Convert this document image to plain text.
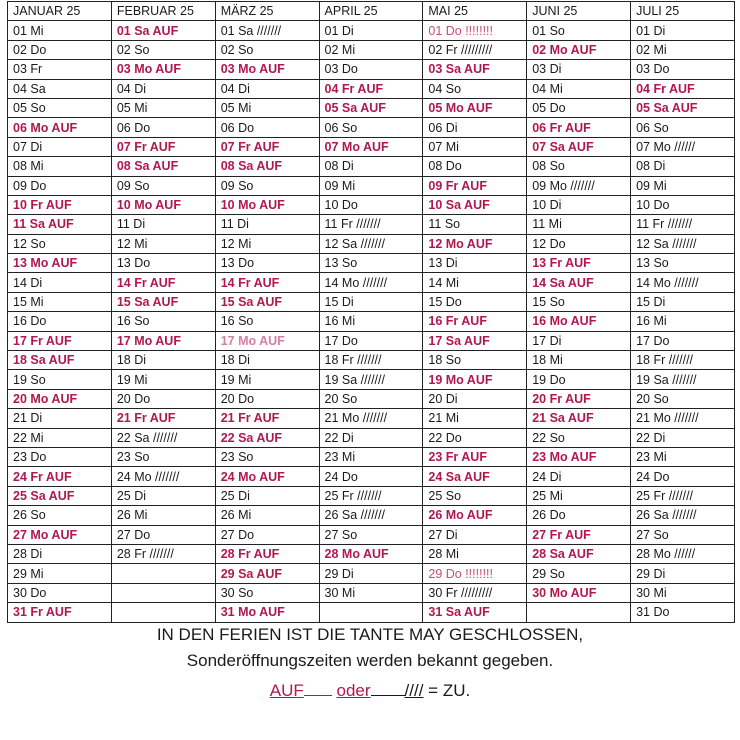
JANUAR 25	FEBRUAR 25	MÄRZ 25	APRIL 25	MAI 25	JUNI 25	JULI 25
01 Mi	01 Sa AUF	01 Sa ///////	01 Di	01 Do !!!!!!!!	01 So	01 Di
02 Do	02 So	02 So	02 Mi	02 Fr /////////	02 Mo AUF	02 Mi
03 Fr	03 Mo AUF	03 Mo AUF	03 Do	03 Sa AUF	03 Di	03 Do
04 Sa	04 Di	04 Di	04 Fr AUF	04 So	04 Mi	04 Fr AUF
05 So	05 Mi	05 Mi	05 Sa AUF	05 Mo AUF	05 Do	05 Sa AUF
06 Mo AUF	06 Do	06 Do	06 So	06 Di	06 Fr AUF	06 So
07 Di	07 Fr AUF	07 Fr AUF	07 Mo AUF	07 Mi	07 Sa AUF	07 Mo //////
08 Mi	08 Sa AUF	08 Sa AUF	08 Di	08 Do	08 So	08 Di
09 Do	09 So	09 So	09 Mi	09 Fr AUF	09 Mo ///////	09 Mi
10 Fr AUF	10 Mo AUF	10 Mo AUF	10 Do	10 Sa AUF	10 Di	10 Do
11 Sa AUF	11 Di	11 Di	11 Fr ///////	11 So	11 Mi	11 Fr ///////
12 So	12 Mi	12 Mi	12 Sa ///////	12 Mo AUF	12 Do	12 Sa ///////
13 Mo AUF	13 Do	13 Do	13 So	13 Di	13 Fr AUF	13 So
14 Di	14 Fr AUF	14 Fr AUF	14 Mo ///////	14 Mi	14 Sa AUF	14 Mo ///////
15 Mi	15 Sa AUF	15 Sa AUF	15 Di	15 Do	15 So	15 Di
16 Do	16 So	16 So	16 Mi	16 Fr AUF	16 Mo AUF	16 Mi
17 Fr AUF	17 Mo AUF	17 Mo AUF	17 Do	17 Sa AUF	17 Di	17 Do
18 Sa AUF	18 Di	18 Di	18 Fr ///////	18 So	18 Mi	18 Fr ///////
19 So	19 Mi	19 Mi	19 Sa ///////	19 Mo AUF	19 Do	19 Sa ///////
20 Mo AUF	20 Do	20 Do	20 So	20 Di	20 Fr AUF	20 So
21 Di	21 Fr AUF	21 Fr AUF	21 Mo ///////	21 Mi	21 Sa AUF	21 Mo ///////
22 Mi	22 Sa ///////	22 Sa AUF	22 Di	22 Do	22 So	22 Di
23 Do	23 So	23 So	23 Mi	23 Fr AUF	23 Mo AUF	23 Mi
24 Fr AUF	24 Mo ///////	24 Mo AUF	24 Do	24 Sa AUF	24 Di	24 Do
25 Sa AUF	25 Di	25 Di	25 Fr ///////	25 So	25 Mi	25 Fr ///////
26 So	26 Mi	26 Mi	26 Sa ///////	26 Mo AUF	26 Do	26 Sa ///////
27 Mo AUF	27 Do	27 Do	27 So	27 Di	27 Fr AUF	27 So
28 Di	28 Fr ///////	28 Fr AUF	28 Mo AUF	28 Mi	28 Sa AUF	28 Mo //////
29 Mi		29 Sa AUF	29 Di	29 Do !!!!!!!!	29 So	29 Di
30 Do		30 So	30 Mi	30 Fr /////////	30 Mo AUF	30 Mi
31 Fr AUF		31 Mo AUF		31 Sa AUF		31 Do
IN DEN FERIEN IST DIE TANTE MAY GESCHLOSSEN,
Sonderöffnungszeiten werden bekannt gegeben.
AUF oder //// = ZU.
